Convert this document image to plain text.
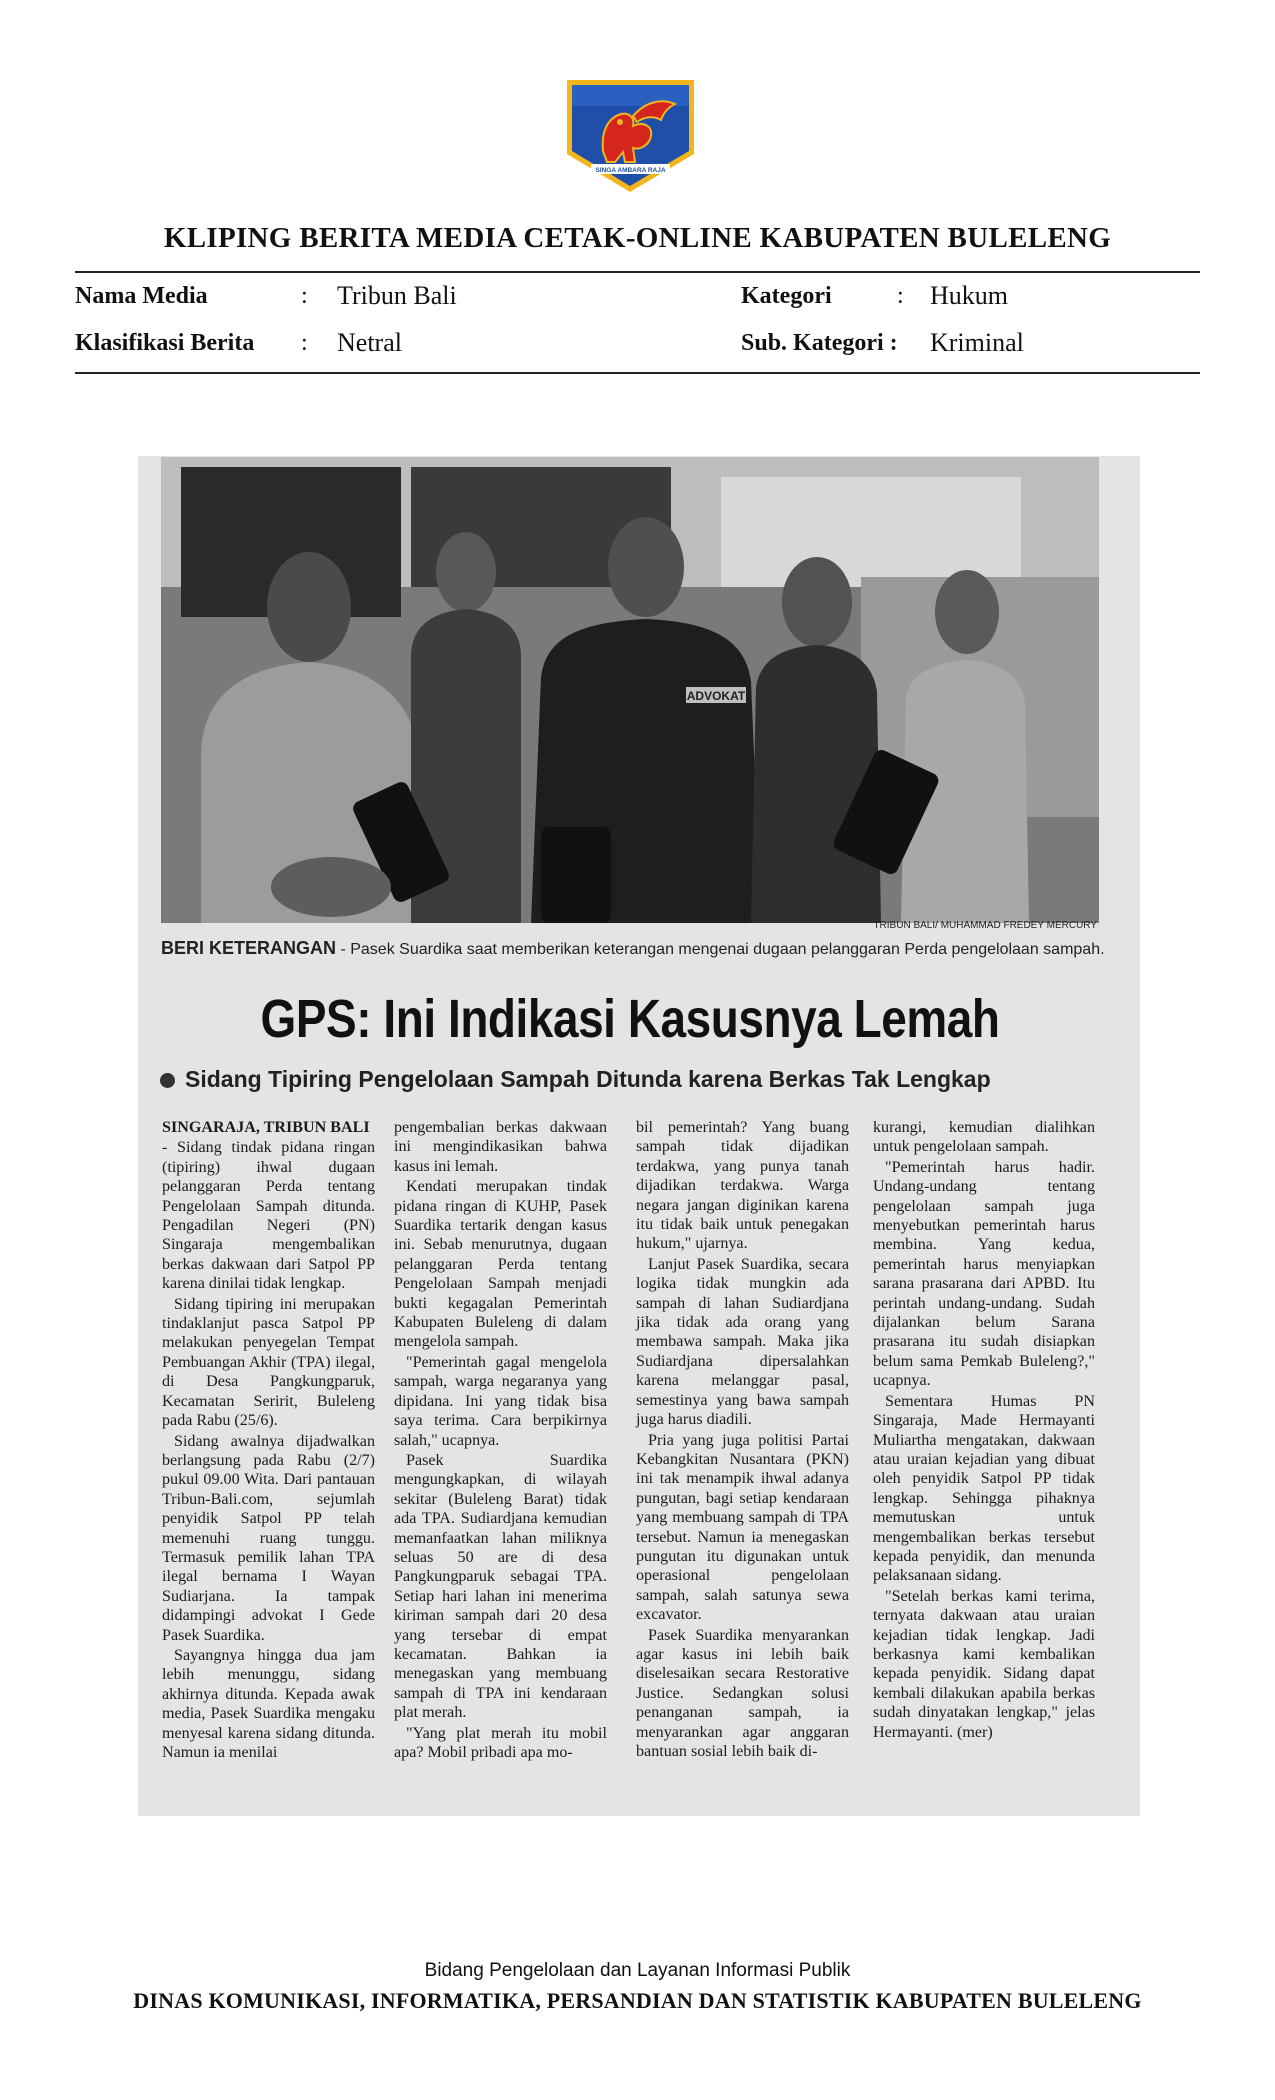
SINGA AMBARA RAJA
KLIPING BERITA MEDIA CETAK-ONLINE KABUPATEN BULELENG
Nama Media	: Tribun Bali
Klasifikasi Berita : Netral
Kategori	: Hukum
Sub. Kategori : Kriminal
ADVOKAT
TRIBUN BALI/ MUHAMMAD FREDEY MERCURY
BERI KETERANGAN - Pasek Suardika saat memberikan keterangan mengenai dugaan pelanggaran Perda pengelolaan sampah.
GPS: Ini Indikasi Kasusnya Lemah
Sidang Tipiring Pengelolaan Sampah Ditunda karena Berkas Tak Lengkap

SINGARAJA, TRIBUN BALI

- Sidang tindak pidana ringan (tipiring) ihwal dugaan pelanggaran Perda tentang Pengelolaan Sampah ditunda. Pengadilan Negeri (PN) Singaraja mengembalikan berkas dakwaan dari Satpol PP karena dinilai tidak lengkap.

Sidang tipiring ini merupakan tindaklanjut pasca Satpol PP melakukan penyegelan Tempat Pembuangan Akhir (TPA) ilegal, di Desa Pangkungparuk, Kecamatan Seririt, Buleleng pada Rabu (25/6).

Sidang awalnya dijadwalkan berlangsung pada Rabu (2/7) pukul 09.00 Wita. Dari pantauan Tribun-Bali.com, sejumlah penyidik Satpol PP telah memenuhi ruang tunggu. Termasuk pemilik lahan TPA ilegal bernama I Wayan Sudiarjana. Ia tampak didampingi advokat I Gede Pasek Suardika.

Sayangnya hingga dua jam lebih menunggu, sidang akhirnya ditunda. Kepada awak media, Pasek Suardika mengaku menyesal karena sidang ditunda. Namun ia menilai

pengembalian berkas dakwaan ini mengindikasikan bahwa kasus ini lemah.

Kendati merupakan tindak pidana ringan di KUHP, Pasek Suardika tertarik dengan kasus ini. Sebab menurutnya, dugaan pelanggaran Perda tentang Pengelolaan Sampah menjadi bukti kegagalan Pemerintah Kabupaten Buleleng di dalam mengelola sampah.

"Pemerintah gagal mengelola sampah, warga negaranya yang dipidana. Ini yang tidak bisa saya terima. Cara berpikirnya salah," ucapnya.

Pasek Suardika mengungkapkan, di wilayah sekitar (Buleleng Barat) tidak ada TPA. Sudiardjana kemudian memanfaatkan lahan miliknya seluas 50 are di desa Pangkungparuk sebagai TPA. Setiap hari lahan ini menerima kiriman sampah dari 20 desa yang tersebar di empat kecamatan. Bahkan ia menegaskan yang membuang sampah di TPA ini kendaraan plat merah.

"Yang plat merah itu mobil apa? Mobil pribadi apa mo-

bil pemerintah? Yang buang sampah tidak dijadikan terdakwa, yang punya tanah dijadikan terdakwa. Warga negara jangan diginikan karena itu tidak baik untuk penegakan hukum," ujarnya.

Lanjut Pasek Suardika, secara logika tidak mungkin ada sampah di lahan Sudiardjana jika tidak ada orang yang membawa sampah. Maka jika Sudiardjana dipersalahkan karena melanggar pasal, semestinya yang bawa sampah juga harus diadili.

Pria yang juga politisi Partai Kebangkitan Nusantara (PKN) ini tak menampik ihwal adanya pungutan, bagi setiap kendaraan yang membuang sampah di TPA tersebut. Namun ia menegaskan pungutan itu digunakan untuk operasional pengelolaan sampah, salah satunya sewa excavator.

Pasek Suardika menyarankan agar kasus ini lebih baik diselesaikan secara Restorative Justice. Sedangkan solusi penanganan sampah, ia menyarankan agar anggaran bantuan sosial lebih baik di-

kurangi, kemudian dialihkan untuk pengelolaan sampah.

"Pemerintah harus hadir. Undang-undang tentang pengelolaan sampah juga menyebutkan pemerintah harus membina. Yang kedua, pemerintah harus menyiapkan sarana prasarana dari APBD. Itu perintah undang-undang. Sudah dijalankan belum Sarana prasarana itu sudah disiapkan belum sama Pemkab Buleleng?," ucapnya.

Sementara Humas PN Singaraja, Made Hermayanti Muliartha mengatakan, dakwaan atau uraian kejadian yang dibuat oleh penyidik Satpol PP tidak lengkap. Sehingga pihaknya memutuskan untuk mengembalikan berkas tersebut kepada penyidik, dan menunda pelaksanaan sidang.

"Setelah berkas kami terima, ternyata dakwaan atau uraian kejadian tidak lengkap. Jadi berkasnya kami kembalikan kepada penyidik. Sidang dapat kembali dilakukan apabila berkas sudah dinyatakan lengkap," jelas Hermayanti. (mer)

Bidang Pengelolaan dan Layanan Informasi Publik
DINAS KOMUNIKASI, INFORMATIKA, PERSANDIAN DAN STATISTIK KABUPATEN BULELENG
